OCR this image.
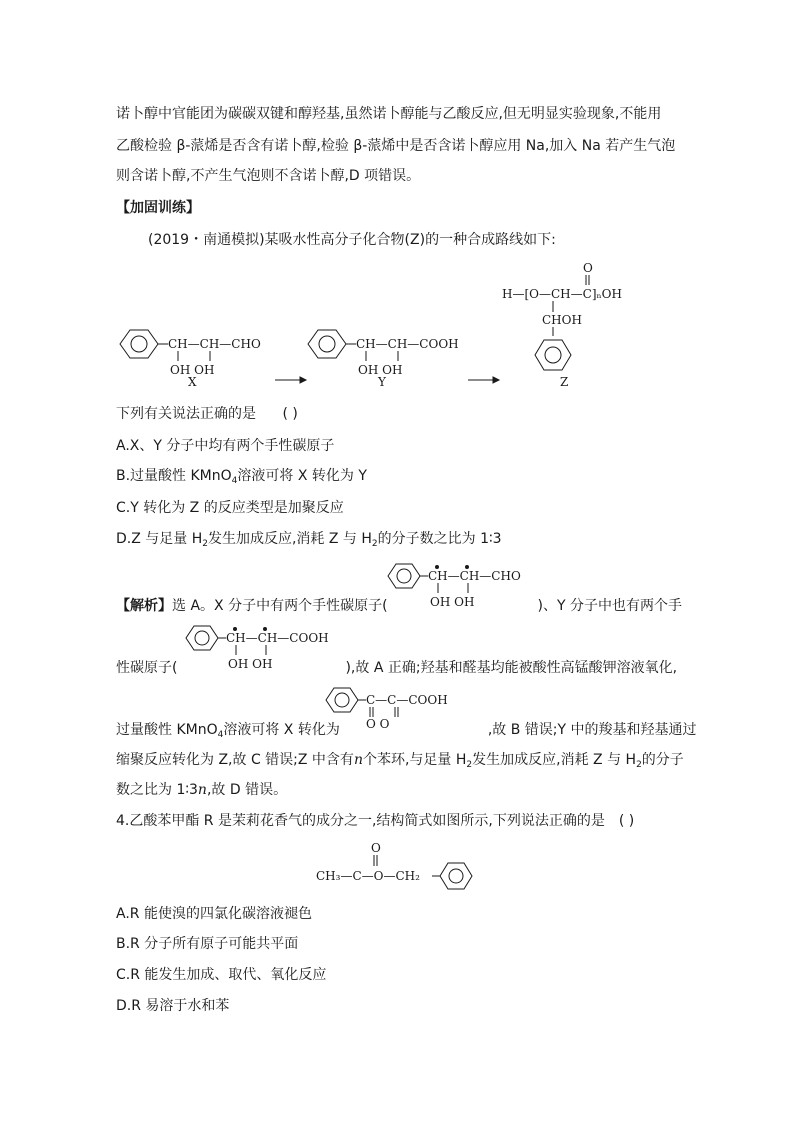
诺卜醇中官能团为碳碳双键和醇羟基,虽然诺卜醇能与乙酸反应,但无明显实验现象,不能用
乙酸检验 β-蒎烯是否含有诺卜醇,检验 β-蒎烯中是否含诺卜醇应用 Na,加入 Na 若产生气泡
则含诺卜醇,不产生气泡则不含诺卜醇,D 项错误。
【加固训练】
(2019・南通模拟)某吸水性高分子化合物(Z)的一种合成路线如下:
CH—CH—CHO
OH OH
X
CH—CH—COOH
OH OH
Y
O
H—[O—CH—C]ₙOH
CHOH
Z
下列有关说法正确的是 ( )
A.X、Y 分子中均有两个手性碳原子
B.过量酸性 KMnO$_4$溶液可将 X 转化为 Y
C.Y 转化为 Z 的反应类型是加聚反应
D.Z 与足量 $H_2$发生加成反应,消耗 Z 与 $H_2$的分子数之比为 1∶3
CH—CH—CHO
OH OH
【解析】选 A。X 分子中有两个手性碳原子(	)、Y 分子中也有两个手
CH—CH—COOH
OH OH
性碳原子(	),故 A 正确;羟基和醛基均能被酸性高锰酸钾溶液氧化,
C—C—COOH
O O
过量酸性 KMnO$_4$溶液可将 X 转化为	,故 B 错误;Y 中的羧基和羟基通过
缩聚反应转化为 Z,故 C 错误;Z 中含有n个苯环,与足量 $H_2$发生加成反应,消耗 Z 与 $H_2$的分子
数之比为 1∶3n,故 D 错误。
4.乙酸苯甲酯 R 是茉莉花香气的成分之一,结构简式如图所示,下列说法正确的是 ( )
O
CH₃—C—O—CH₂
A.R 能使溴的四氯化碳溶液褪色
B.R 分子所有原子可能共平面
C.R 能发生加成、取代、氧化反应
D.R 易溶于水和苯
